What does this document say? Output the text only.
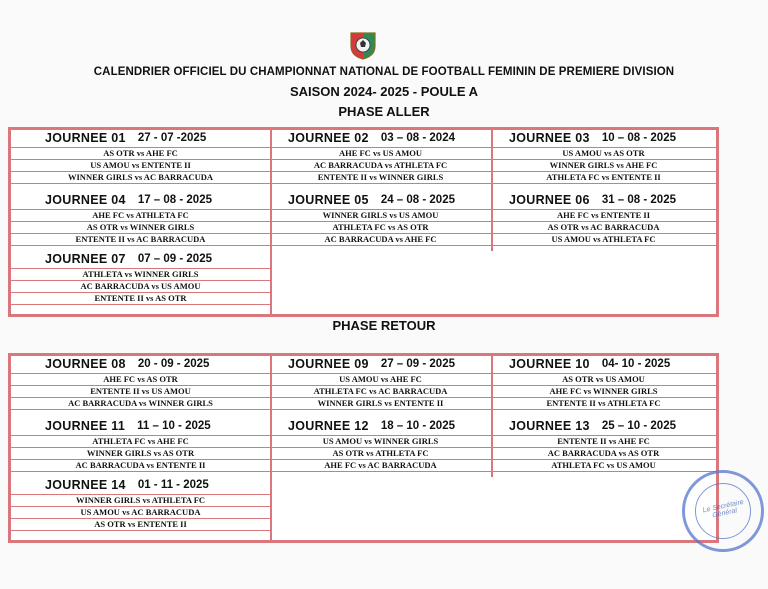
CALENDRIER OFFICIEL DU CHAMPIONNAT NATIONAL DE FOOTBALL FEMININ DE PREMIERE DIVISION
SAISON 2024- 2025 - POULE A
PHASE ALLER
PHASE RETOUR
JOURNEE 01 27 - 07 -2025
AS OTR vs AHE FC
US AMOU vs ENTENTE II
WINNER GIRLS vs AC BARRACUDA
JOURNEE 02 03 – 08 - 2024
AHE FC vs US AMOU
AC BARRACUDA vs ATHLETA FC
ENTENTE II vs WINNER GIRLS
JOURNEE 03 10 – 08 - 2025
US AMOU vs AS OTR
WINNER GIRLS vs AHE FC
ATHLETA FC vs ENTENTE II
JOURNEE 04 17 – 08 - 2025
AHE FC vs ATHLETA FC
AS OTR vs WINNER GIRLS
ENTENTE II vs AC BARRACUDA
JOURNEE 05 24 – 08 - 2025
WINNER GIRLS vs US AMOU
ATHLETA FC vs AS OTR
AC BARRACUDA vs AHE FC
JOURNEE 06 31 – 08 - 2025
AHE FC vs ENTENTE II
AS OTR vs AC BARRACUDA
US AMOU vs ATHLETA FC
JOURNEE 07 07 – 09 - 2025
ATHLETA vs WINNER GIRLS
AC BARRACUDA vs US AMOU
ENTENTE II vs AS OTR
JOURNEE 08 20 - 09 - 2025
AHE FC vs AS OTR
ENTENTE II vs US AMOU
AC BARRACUDA vs WINNER GIRLS
JOURNEE 09 27 – 09 - 2025
US AMOU vs AHE FC
ATHLETA FC vs AC BARRACUDA
WINNER GIRLS vs ENTENTE II
JOURNEE 10 04- 10 - 2025
AS OTR vs US AMOU
AHE FC vs WINNER GIRLS
ENTENTE II vs ATHLETA FC
JOURNEE 11 11 – 10 - 2025
ATHLETA FC vs AHE FC
WINNER GIRLS vs AS OTR
AC BARRACUDA vs ENTENTE II
JOURNEE 12 18 – 10 - 2025
US AMOU vs WINNER GIRLS
AS OTR vs ATHLETA FC
AHE FC vs AC BARRACUDA
JOURNEE 13 25 – 10 - 2025
ENTENTE II vs AHE FC
AC BARRACUDA vs AS OTR
ATHLETA FC vs US AMOU
JOURNEE 14 01 - 11 - 2025
WINNER GIRLS vs ATHLETA FC
US AMOU vs AC BARRACUDA
AS OTR vs ENTENTE II
Le Secrétaire Général
